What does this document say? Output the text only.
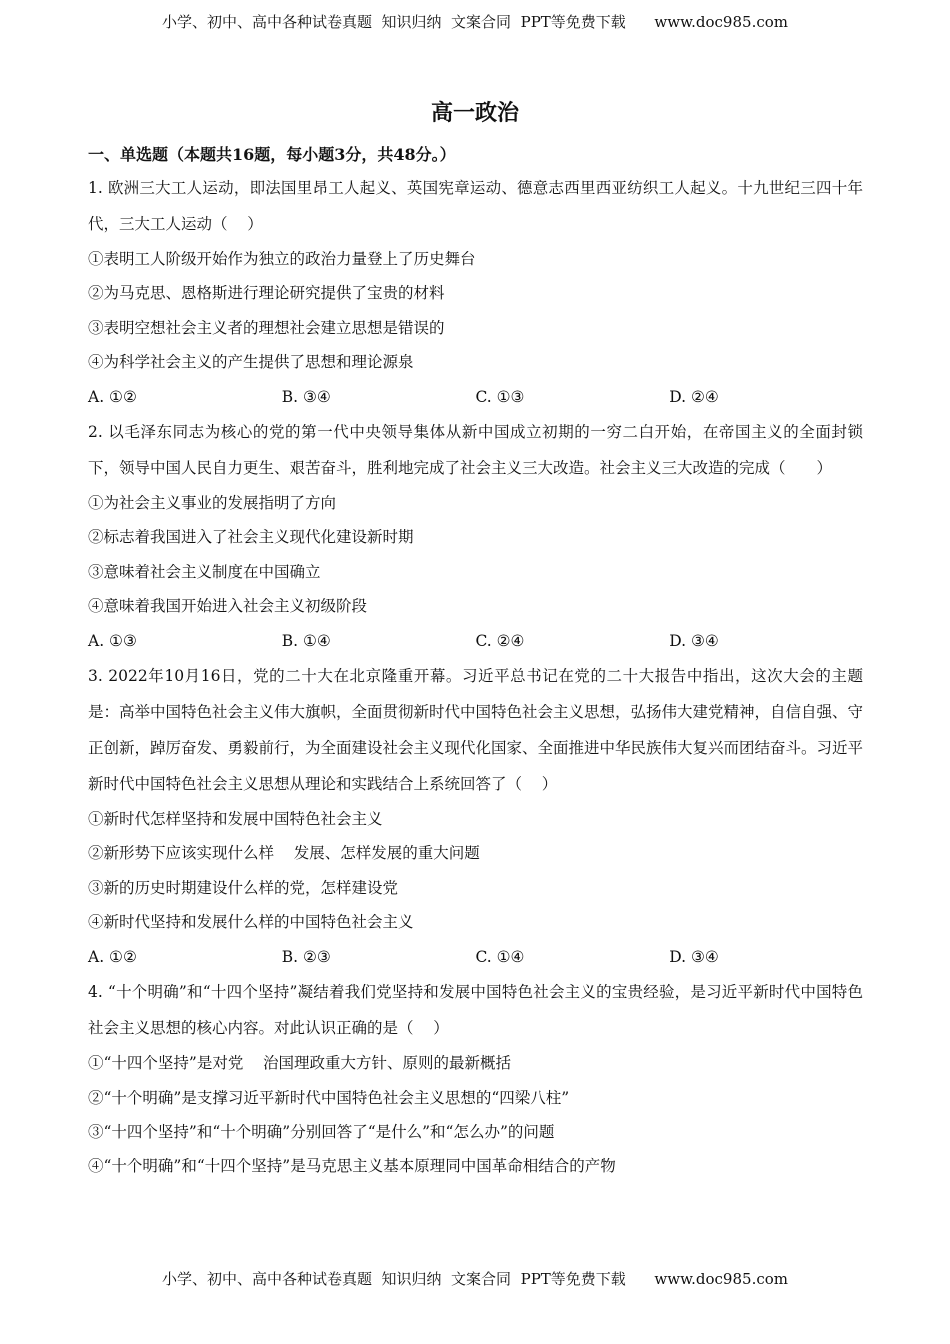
小学、初中、高中各种试卷真题  知识归纳  文案合同  PPT等免费下载      www.doc985.com
高一政治
一、单选题（本题共16题，每小题3分，共48分。）
1. 欧洲三大工人运动，即法国里昂工人起义、英国宪章运动、德意志西里西亚纺织工人起义。十九世纪三四十年代，三大工人运动（    ）
①表明工人阶级开始作为独立的政治力量登上了历史舞台
②为马克思、恩格斯进行理论研究提供了宝贵的材料
③表明空想社会主义者的理想社会建立思想是错误的
④为科学社会主义的产生提供了思想和理论源泉
A. ①②	B. ③④	C. ①③	D. ②④
2. 以毛泽东同志为核心的党的第一代中央领导集体从新中国成立初期的一穷二白开始，在帝国主义的全面封锁下，领导中国人民自力更生、艰苦奋斗，胜利地完成了社会主义三大改造。社会主义三大改造的完成（　　）
①为社会主义事业的发展指明了方向
②标志着我国进入了社会主义现代化建设新时期
③意味着社会主义制度在中国确立
④意味着我国开始进入社会主义初级阶段
A. ①③	B. ①④	C. ②④	D. ③④
3. 2022年10月16日，党的二十大在北京隆重开幕。习近平总书记在党的二十大报告中指出，这次大会的主题是：高举中国特色社会主义伟大旗帜，全面贯彻新时代中国特色社会主义思想，弘扬伟大建党精神，自信自强、守正创新，踔厉奋发、勇毅前行，为全面建设社会主义现代化国家、全面推进中华民族伟大复兴而团结奋斗。习近平新时代中国特色社会主义思想从理论和实践结合上系统回答了（    ）
①新时代怎样坚持和发展中国特色社会主义
②新形势下应该实现什么样    发展、怎样发展的重大问题
③新的历史时期建设什么样的党，怎样建设党
④新时代坚持和发展什么样的中国特色社会主义
A. ①②	B. ②③	C. ①④	D. ③④
4. “十个明确”和“十四个坚持”凝结着我们党坚持和发展中国特色社会主义的宝贵经验，是习近平新时代中国特色社会主义思想的核心内容。对此认识正确的是（    ）
①“十四个坚持”是对党    治国理政重大方针、原则的最新概括
②“十个明确”是支撑习近平新时代中国特色社会主义思想的“四梁八柱”
③“十四个坚持”和“十个明确”分别回答了“是什么”和“怎么办”的问题
④“十个明确”和“十四个坚持”是马克思主义基本原理同中国革命相结合的产物
小学、初中、高中各种试卷真题  知识归纳  文案合同  PPT等免费下载      www.doc985.com
